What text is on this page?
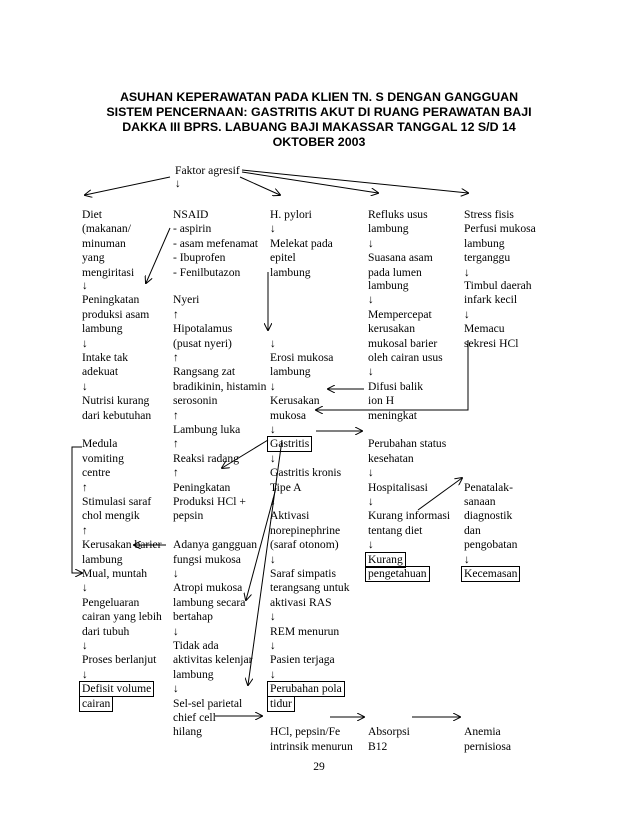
ASUHAN KEPERAWATAN PADA KLIEN TN. S DENGAN GANGGUAN
SISTEM PENCERNAAN: GASTRITIS AKUT DI RUANG PERAWATAN BAJI
DAKKA III BPRS. LABUANG BAJI MAKASSAR TANGGAL 12 S/D 14
OKTOBER 2003
Faktor agresif
↓
Diet
(makanan/
minuman
yang
mengiritasi
↓
NSAID
- aspirin
- asam mefenamat
- Ibuprofen
- Fenilbutazon
H. pylori
↓
Melekat pada
epitel
lambung
Refluks usus
lambung
↓
Suasana asam
pada lumen
lambung
↓
Mempercepat
kerusakan
mukosal barier
oleh cairan usus
↓
Difusi balik
ion H
meningkat
Stress fisis
Perfusi mukosa
lambung
terganggu
↓
Timbul daerah
infark kecil
↓
Memacu
sekresi HCl
Peningkatan
produksi asam
lambung
↓
Intake tak
adekuat
↓
Nutrisi kurang
dari kebutuhan
Nyeri
↑
Hipotalamus
(pusat nyeri)
↑
Rangsang zat
bradikinin, histamin
serosonin
↑
Lambung luka
↑
Reaksi radang
↑
Peningkatan
Produksi HCl +
pepsin
↓
Erosi mukosa
lambung
↓
Kerusakan
mukosa
↓
Gastritis
↓
Gastritis kronis
Tipe A
↓
Aktivasi
norepinephrine
(saraf otonom)
↓
Saraf simpatis
terangsang untuk
aktivasi RAS
↓
REM menurun
↓
Pasien terjaga
↓
Perubahan pola
tidur
Perubahan status
kesehatan
↓
Hospitalisasi
↓
Kurang informasi
tentang diet
↓
Kurang
pengetahuan
Penatalak-
sanaan
diagnostik
dan
pengobatan
↓
Kecemasan
Medula
vomiting
centre
↑
Stimulasi saraf
chol mengik
↑
Kerusakan barier
lambung
Adanya gangguan
fungsi mukosa
↓
Atropi mukosa
lambung secara
bertahap
↓
Tidak ada
aktivitas kelenjar
lambung
↓
Sel-sel parietal
chief cell
hilang
Mual, muntah
↓
Pengeluaran
cairan yang lebih
dari tubuh
↓
Proses berlanjut
↓
Defisit volume
cairan
HCl, pepsin/Fe
intrinsik menurun
Absorpsi
B12
Anemia
pernisiosa
29
